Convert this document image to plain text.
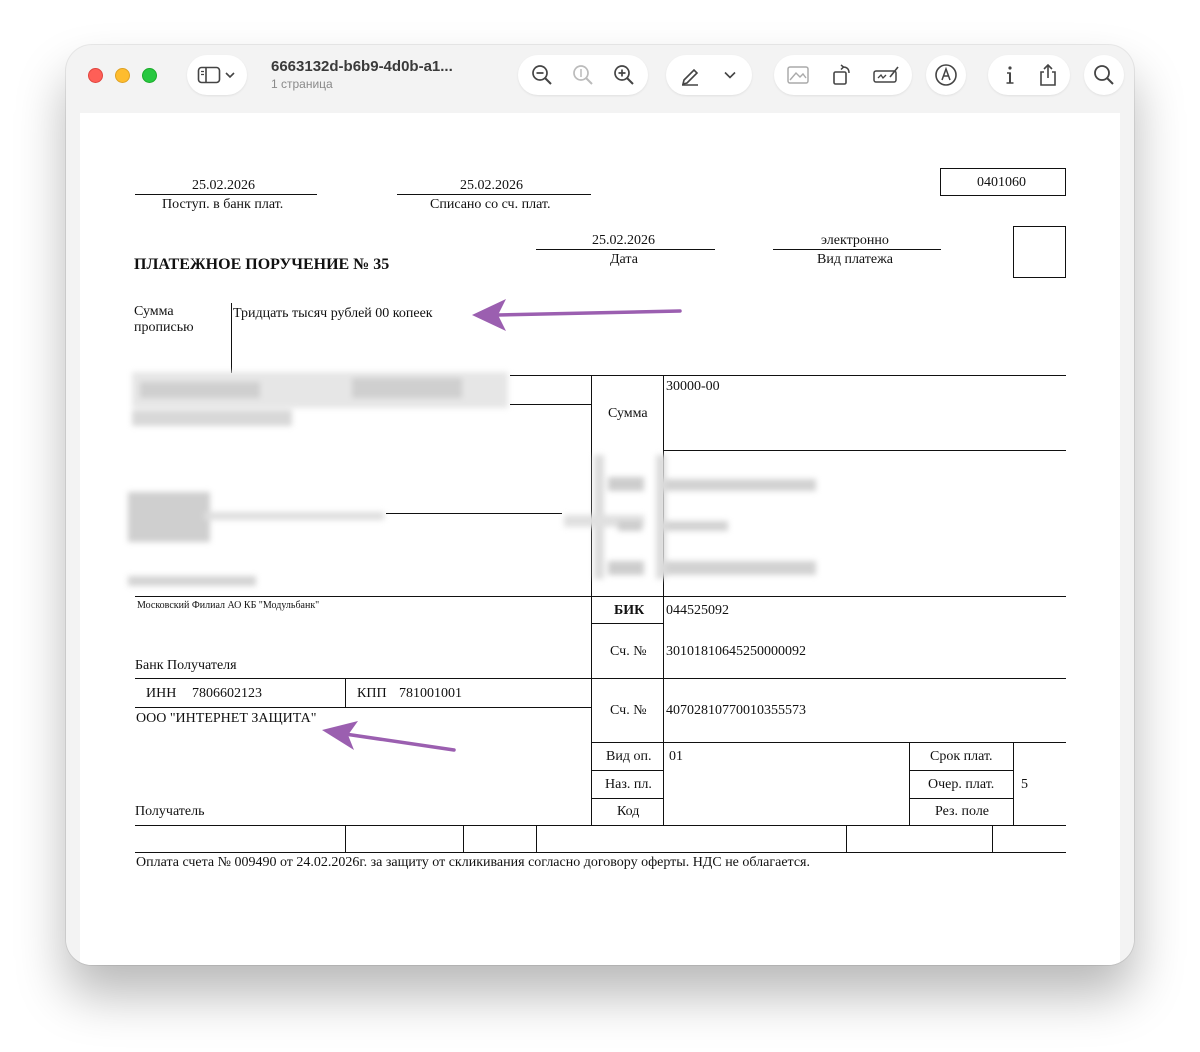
6663132d-b6b9-4d0b-a1...
1 страница
25.02.2026
Поступ. в банк плат.
25.02.2026
Списано со сч. плат.
0401060
25.02.2026
Дата
электронно
Вид платежа
ПЛАТЕЖНОЕ ПОРУЧЕНИЕ № 35
Сумма
прописью
Тридцать тысяч рублей 00 копеек
Сумма
30000-00
Московский Филиал АО КБ "Модульбанк"	БИК 044525092
Сч. № 30101810645250000092
Банк Получателя
ИНН 7806602123	КПП 781001001
ООО "ИНТЕРНЕТ ЗАЩИТА"
Сч. № 40702810770010355573
Вид оп. 01
Наз. пл.
Код
Срок плат.
Очер. плат. 5
Рез. поле
Получатель
Оплата счета № 009490 от 24.02.2026г. за защиту от скликивания согласно договору оферты. НДС не облагается.
